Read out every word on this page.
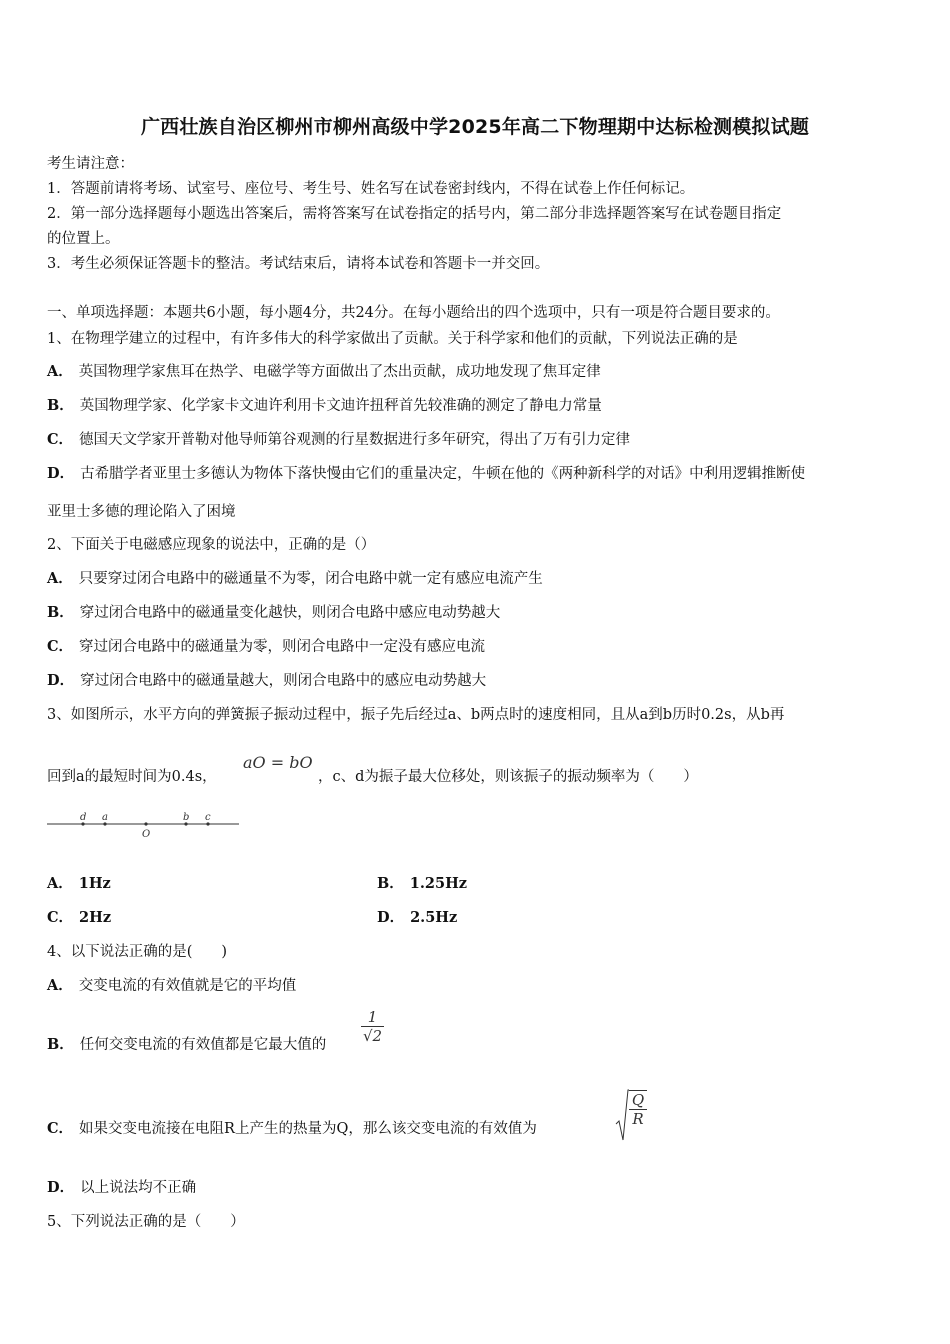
广西壮族自治区柳州市柳州高级中学2025年高二下物理期中达标检测模拟试题
考生请注意：
1．答题前请将考场、试室号、座位号、考生号、姓名写在试卷密封线内，不得在试卷上作任何标记。
2．第一部分选择题每小题选出答案后，需将答案写在试卷指定的括号内，第二部分非选择题答案写在试卷题目指定
的位置上。
3．考生必须保证答题卡的整洁。考试结束后，请将本试卷和答题卡一并交回。
一、单项选择题：本题共6小题，每小题4分，共24分。在每小题给出的四个选项中，只有一项是符合题目要求的。
1、在物理学建立的过程中，有许多伟大的科学家做出了贡献。关于科学家和他们的贡献，下列说法正确的是
A． 英国物理学家焦耳在热学、电磁学等方面做出了杰出贡献，成功地发现了焦耳定律
B． 英国物理学家、化学家卡文迪许利用卡文迪许扭秤首先较准确的测定了静电力常量
C． 德国天文学家开普勒对他导师第谷观测的行星数据进行多年研究，得出了万有引力定律
D． 古希腊学者亚里士多德认为物体下落快慢由它们的重量决定，牛顿在他的《两种新科学的对话》中利用逻辑推断使
亚里士多德的理论陷入了困境
2、下面关于电磁感应现象的说法中，正确的是（）
A． 只要穿过闭合电路中的磁通量不为零，闭合电路中就一定有感应电流产生
B． 穿过闭合电路中的磁通量变化越快，则闭合电路中感应电动势越大
C． 穿过闭合电路中的磁通量为零，则闭合电路中一定没有感应电流
D． 穿过闭合电路中的磁通量越大，则闭合电路中的感应电动势越大
3、如图所示，水平方向的弹簧振子振动过程中，振子先后经过a、b两点时的速度相同，且从a到b历时0.2s，从b再
aO = bO
回到a的最短时间为0.4s，	，c、d为振子最大位移处，则该振子的振动频率为（　　）
d a
O
b c
A． 1Hz	B． 1.25Hz
C． 2Hz	D． 2.5Hz
4、以下说法正确的是(　　)
A． 交变电流的有效值就是它的平均值
B． 任何交变电流的有效值都是它最大值的 $\frac{1}{√2}$
C． 如果交变电流接在电阻R上产生的热量为Q，那么该交变电流的有效值为
$\frac{Q}{R}$
D． 以上说法均不正确
5、下列说法正确的是（　　）
